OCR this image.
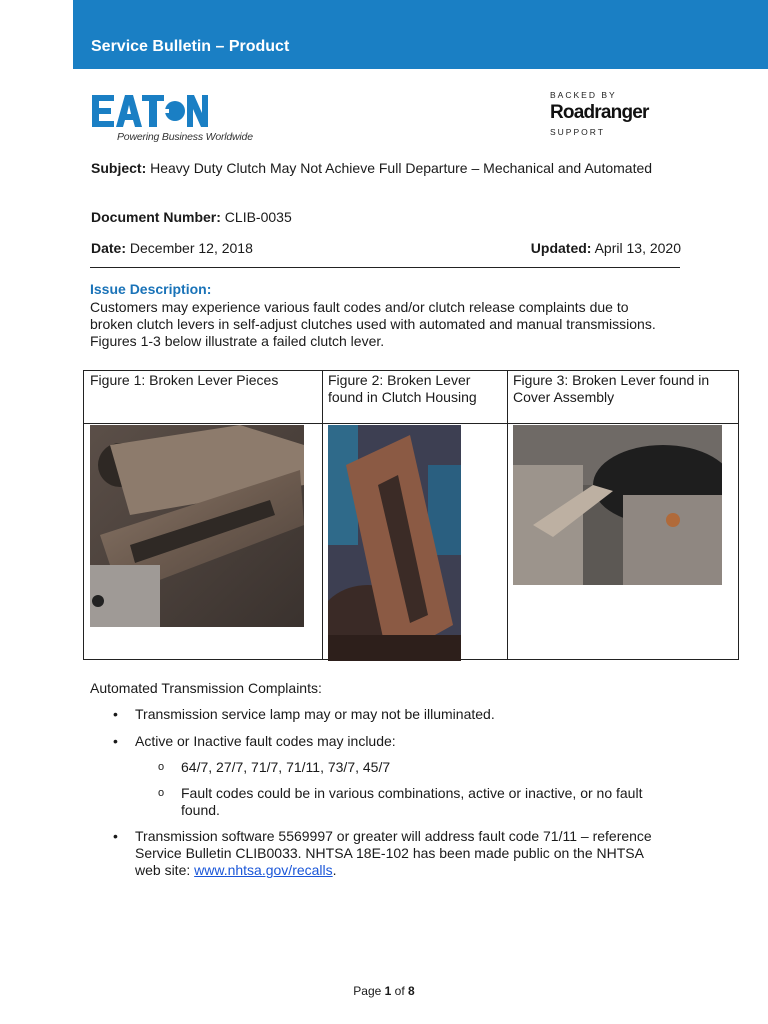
Service Bulletin – Product
Powering Business Worldwide
BACKED BY
Roadranger
SUPPORT
Subject: Heavy Duty Clutch May Not Achieve Full Departure – Mechanical and Automated
Document Number: CLIB-0035
Date: December 12, 2018	Updated: April 13, 2020
Issue Description:
Customers may experience various fault codes and/or clutch release complaints due to broken clutch levers in self-adjust clutches used with automated and manual transmissions. Figures 1-3 below illustrate a failed clutch lever.
Figure 1: Broken Lever Pieces	Figure 2: Broken Lever found in Clutch Housing
Figure 3: Broken Lever found in Cover Assembly
Automated Transmission Complaints:
• Transmission service lamp may or may not be illuminated.
• Active or Inactive fault codes may include:
o 64/7, 27/7, 71/7, 71/11, 73/7, 45/7
o Fault codes could be in various combinations, active or inactive, or no fault found.
• Transmission software 5569997 or greater will address fault code 71/11 – reference Service Bulletin CLIB0033. NHTSA 18E-102 has been made public on the NHTSA web site: www.nhtsa.gov/recalls.
Page 1 of 8
